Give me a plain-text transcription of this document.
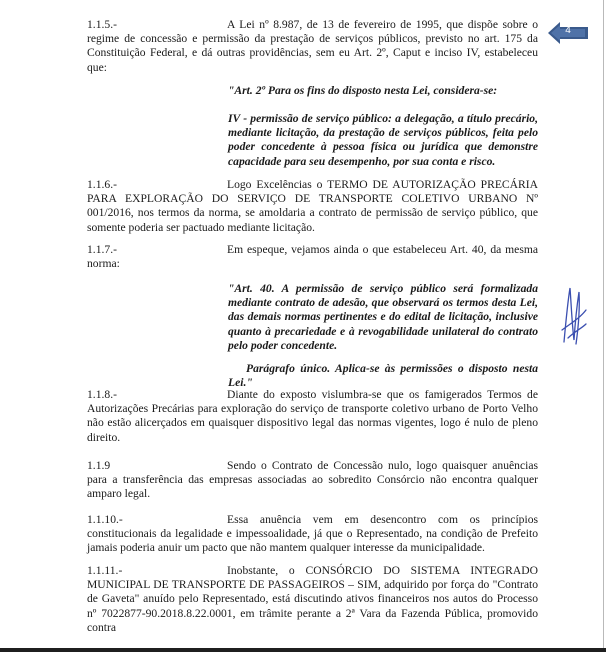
4
1.1.5.-	A Lei nº 8.987, de 13 de fevereiro de 1995, que dispõe sobre o regime de concessão e permissão da prestação de serviços públicos, previsto no art. 175 da Constituição Federal, e dá outras providências, sem eu Art. 2º, Caput e inciso IV, estabeleceu que:
"Art. 2º Para os fins do disposto nesta Lei, considera-se:
IV - permissão de serviço público: a delegação, a título precário, mediante licitação, da prestação de serviços públicos, feita pelo poder concedente à pessoa física ou jurídica que demonstre capacidade para seu desempenho, por sua conta e risco.
1.1.6.-	Logo Excelências o TERMO DE AUTORIZAÇÃO PRECÁRIA PARA EXPLORAÇÃO DO SERVIÇO DE TRANSPORTE COLETIVO URBANO Nº 001/2016, nos termos da norma, se amoldaria a contrato de permissão de serviço público, que somente poderia ser pactuado mediante licitação.
1.1.7.-	Em espeque, vejamos ainda o que estabeleceu Art. 40, da mesma norma:
"Art. 40. A permissão de serviço público será formalizada mediante contrato de adesão, que observará os termos desta Lei, das demais normas pertinentes e do edital de licitação, inclusive quanto à precariedade e à revogabilidade unilateral do contrato pelo poder concedente.
Parágrafo único. Aplica-se às permissões o disposto nesta Lei."
1.1.8.-	Diante do exposto vislumbra-se que os famigerados Termos de Autorizações Precárias para exploração do serviço de transporte coletivo urbano de Porto Velho não estão alicerçados em quaisquer dispositivo legal das normas vigentes, logo é nulo de pleno direito.
1.1.9	Sendo o Contrato de Concessão nulo, logo quaisquer anuências para a transferência das empresas associadas ao sobredito Consórcio não encontra qualquer amparo legal.
1.1.10.-	Essa anuência vem em desencontro com os princípios constitucionais da legalidade e impessoalidade, já que o Representado, na condição de Prefeito jamais poderia anuir um pacto que não mantem qualquer interesse da municipalidade.
1.1.11.-	Inobstante, o CONSÓRCIO DO SISTEMA INTEGRADO MUNICIPAL DE TRANSPORTE DE PASSAGEIROS – SIM, adquirido por força do "Contrato de Gaveta" anuído pelo Representado, está discutindo ativos financeiros nos autos do Processo nº 7022877-90.2018.8.22.0001, em trâmite perante a 2ª Vara da Fazenda Pública, promovido contra
